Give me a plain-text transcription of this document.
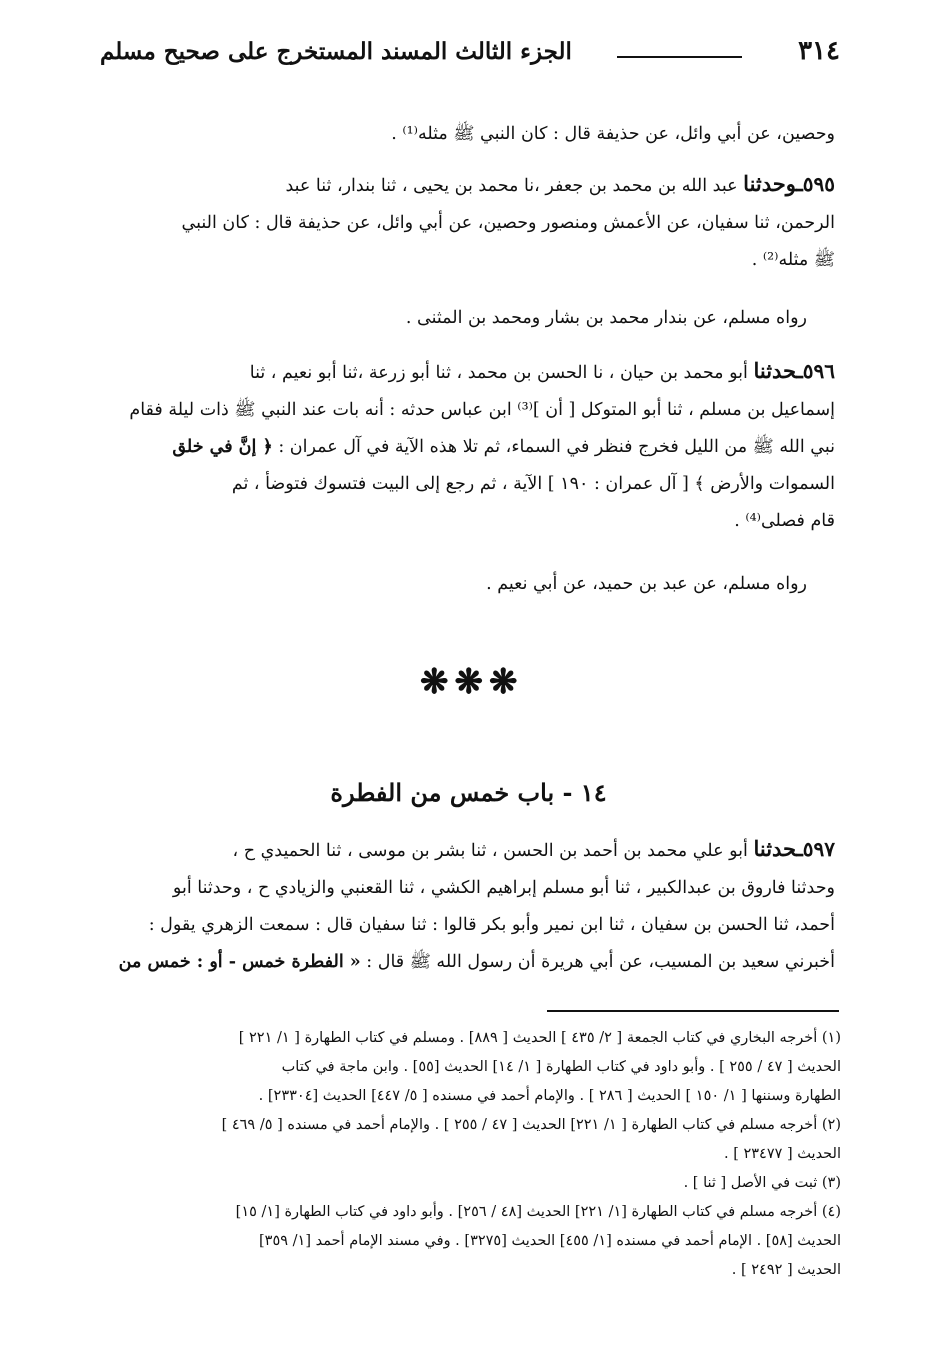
٣١٤
الجزء الثالث المسند المستخرج على صحيح مسلم
وحصين، عن أبي وائل، عن حذيفة قال : كان النبي ﷺ مثله⁽¹⁾ .
٥٩٥ـوحدثنا عبد الله بن محمد بن جعفر ،نا محمد بن يحيى ، ثنا بندار، ثنا عبد
الرحمن، ثنا سفيان، عن الأعمش ومنصور وحصين، عن أبي وائل، عن حذيفة قال : كان النبي
ﷺ مثله⁽²⁾ .
رواه مسلم، عن بندار محمد بن بشار ومحمد بن المثنى .
٥٩٦ـحدثنا أبو محمد بن حيان ، نا الحسن بن محمد ، ثنا أبو زرعة ،ثنا أبو نعيم ، ثنا
إسماعيل بن مسلم ، ثنا أبو المتوكل [ أن ]⁽³⁾ ابن عباس حدثه : أنه بات عند النبي ﷺ ذات ليلة فقام
نبي الله ﷺ من الليل فخرج فنظر في السماء، ثم تلا هذه الآية في آل عمران : ﴿ إنَّ في خلق
السموات والأرض ﴾ [ آل عمران : ١٩٠ ] الآية ، ثم رجع إلى البيت فتسوك فتوضأ ، ثم
قام فصلى⁽⁴⁾ .
رواه مسلم، عن عبد بن حميد، عن أبي نعيم .
❋❋❋
١٤ - باب خمس من الفطرة
٥٩٧ـحدثنا أبو علي محمد بن أحمد بن الحسن ، ثنا بشر بن موسى ، ثنا الحميدي ح ،
وحدثنا فاروق بن عبدالكبير ، ثنا أبو مسلم إبراهيم الكشي ، ثنا القعنبي والزيادي ح ، وحدثنا أبو
أحمد، ثنا الحسن بن سفيان ، ثنا ابن نمير وأبو بكر قالوا : ثنا سفيان قال : سمعت الزهري يقول :
أخبرني سعيد بن المسيب، عن أبي هريرة أن رسول الله ﷺ قال : « الفطرة خمس - أو : خمس من
(١) أخرجه البخاري في كتاب الجمعة [ ٢/ ٤٣٥ ] الحديث [ ٨٨٩] . ومسلم في كتاب الطهارة [ ١/ ٢٢١ ]
الحديث [ ٤٧ / ٢٥٥ ] . وأبو داود في كتاب الطهارة [ ١/ ١٤] الحديث [٥٥] . وابن ماجة في كتاب
الطهارة وسننها [ ١/ ١٥٠ ] الحديث [ ٢٨٦ ] . والإمام أحمد في مسنده [ ٥/ ٤٤٧] الحديث [٢٣٣٠٤] .
(٢) أخرجه مسلم في كتاب الطهارة [ ١/ ٢٢١] الحديث [ ٤٧ / ٢٥٥ ] . والإمام أحمد في مسنده [ ٥/ ٤٦٩ ]
الحديث [ ٢٣٤٧٧ ] .
(٣) ثبت في الأصل [ ثنا ] .
(٤) أخرجه مسلم في كتاب الطهارة [١/ ٢٢١] الحديث [٤٨ / ٢٥٦] . وأبو داود في كتاب الطهارة [١/ ١٥]
الحديث [٥٨] . الإمام أحمد في مسنده [١/ ٤٥٥] الحديث [٣٢٧٥] . وفي مسند الإمام أحمد [١/ ٣٥٩]
الحديث [ ٢٤٩٢ ] .
